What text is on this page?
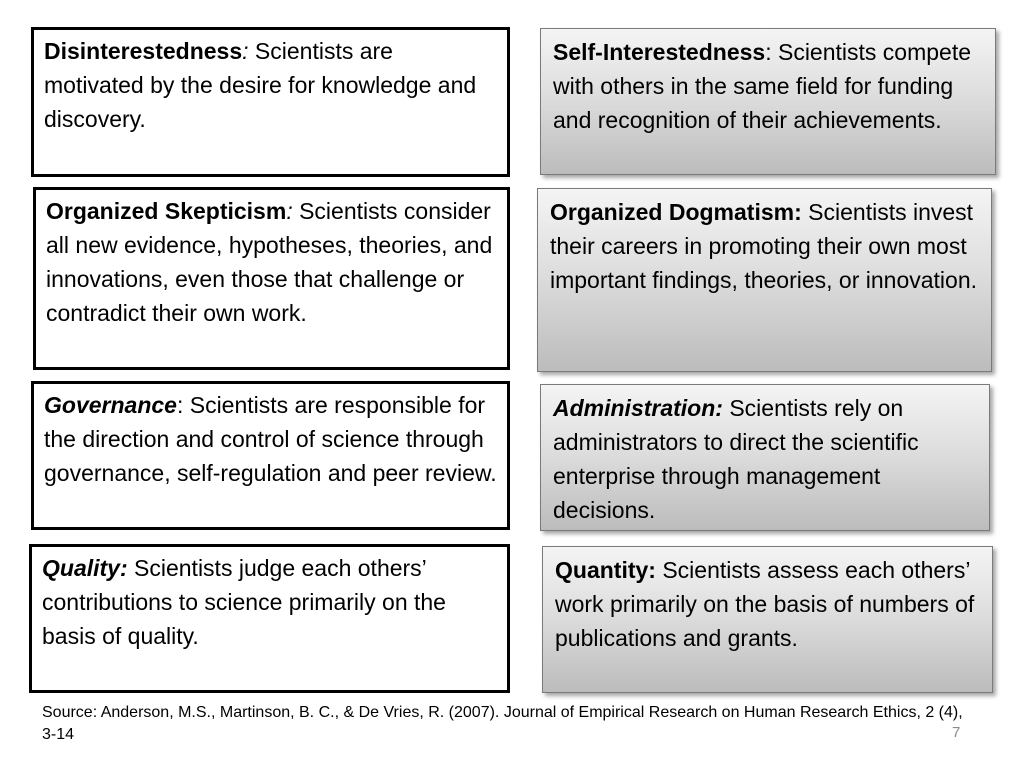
Disinterestedness: Scientists are motivated by the desire for knowledge and discovery.
Organized Skepticism: Scientists consider all new evidence, hypotheses, theories, and innovations, even those that challenge or contradict their own work.
Governance: Scientists are responsible for the direction and control of science through governance, self-regulation and peer review.
Quality: Scientists judge each others’ contributions to science primarily on the basis of quality.
Self-Interestedness: Scientists compete with others in the same field for funding and recognition of their achievements.
Organized Dogmatism: Scientists invest their careers in promoting their own most important findings, theories, or innovation.
Administration: Scientists rely on administrators to direct the scientific enterprise through management decisions.
Quantity: Scientists assess each others’ work primarily on the basis of numbers of publications and grants.
Source: Anderson, M.S., Martinson, B. C., & De Vries, R. (2007). Journal of Empirical Research on Human Research Ethics, 2 (4), 3-14	7
